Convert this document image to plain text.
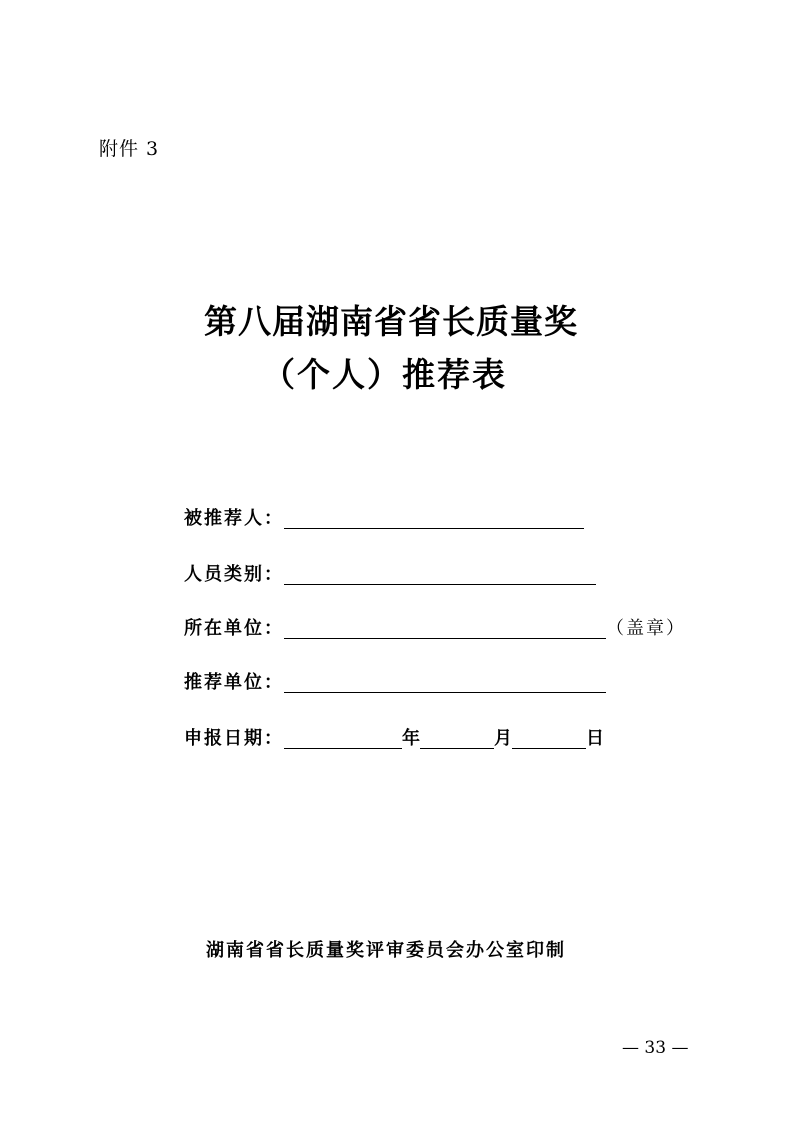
附件 3
第八届湖南省省长质量奖
（个人）推荐表
被推荐人：
人员类别：
所在单位：	（盖章）
推荐单位：
申报日期：	年	月	日
湖南省省长质量奖评审委员会办公室印制
— 33 —
